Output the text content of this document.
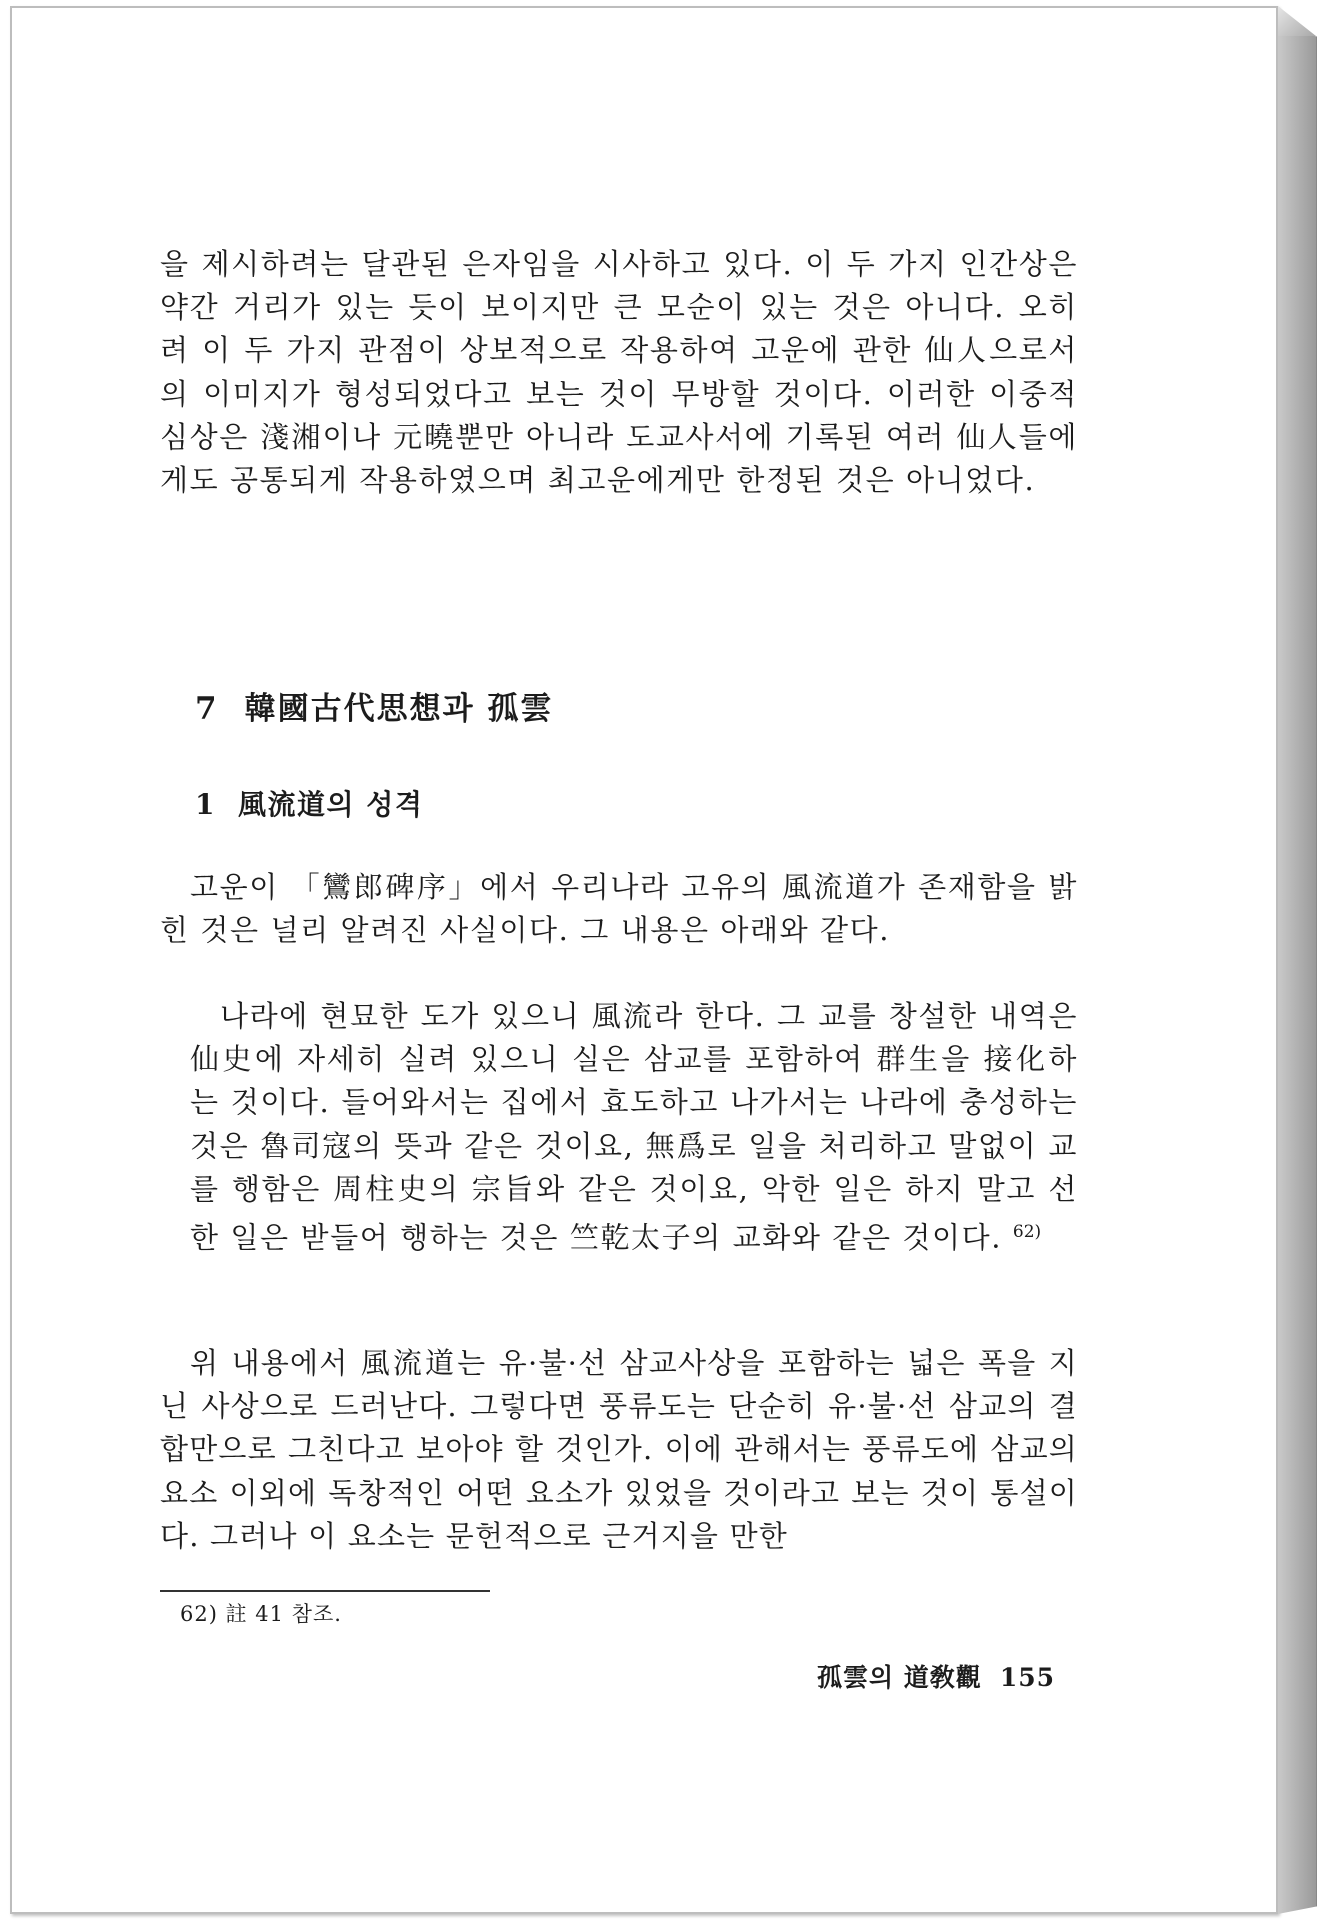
을 제시하려는 달관된 은자임을 시사하고 있다. 이 두 가지 인간상은 약간 거리가 있는 듯이 보이지만 큰 모순이 있는 것은 아니다. 오히려 이 두 가지 관점이 상보적으로 작용하여 고운에 관한 仙人으로서의 이미지가 형성되었다고 보는 것이 무방할 것이다. 이러한 이중적 심상은 淺湘이나 元曉뿐만 아니라 도교사서에 기록된 여러 仙人들에게도 공통되게 작용하였으며 최고운에게만 한정된 것은 아니었다.

7 韓國古代思想과 孤雲
1 風流道의 성격

고운이 「鸞郎碑序」에서 우리나라 고유의 風流道가 존재함을 밝힌 것은 널리 알려진 사실이다. 그 내용은 아래와 같다.

나라에 현묘한 도가 있으니 風流라 한다. 그 교를 창설한 내역은 仙史에 자세히 실려 있으니 실은 삼교를 포함하여 群生을 接化하는 것이다. 들어와서는 집에서 효도하고 나가서는 나라에 충성하는 것은 魯司寇의 뜻과 같은 것이요, 無爲로 일을 처리하고 말없이 교를 행함은 周柱史의 宗旨와 같은 것이요, 악한 일은 하지 말고 선한 일은 받들어 행하는 것은 竺乾太子의 교화와 같은 것이다. $^{62)}$

위 내용에서 風流道는 유·불·선 삼교사상을 포함하는 넓은 폭을 지닌 사상으로 드러난다. 그렇다면 풍류도는 단순히 유·불·선 삼교의 결합만으로 그친다고 보아야 할 것인가. 이에 관해서는 풍류도에 삼교의 요소 이외에 독창적인 어떤 요소가 있었을 것이라고 보는 것이 통설이다. 그러나 이 요소는 문헌적으로 근거지을 만한

62) 註 41 참조.

孤雲의 道敎觀 155
